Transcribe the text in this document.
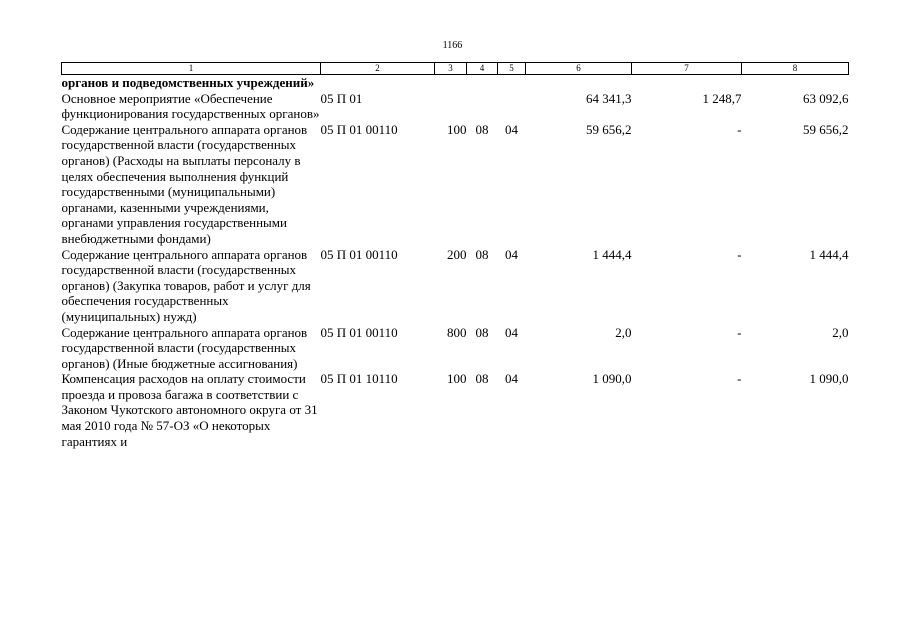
1166
1	2	3	4	5	6	7	8
органов и подведомственных учреждений»							
Основное мероприятие «Обеспечение функционирования государственных органов»	05 П 01				64 341,3	1 248,7	63 092,6
Содержание центрального аппарата органов государственной власти (государственных органов) (Расходы на выплаты персоналу в целях обеспечения выполнения функций государственными (муниципальными) органами, казенными учреждениями, органами управления государственными внебюджетными фондами)	05 П 01 00110	100	08	04	59 656,2	-	59 656,2
Содержание центрального аппарата органов государственной власти (государственных органов) (Закупка товаров, работ и услуг для обеспечения государственных (муниципальных) нужд)	05 П 01 00110	200	08	04	1 444,4	-	1 444,4
Содержание центрального аппарата органов государственной власти (государственных органов) (Иные бюджетные ассигнования)	05 П 01 00110	800	08	04	2,0	-	2,0
Компенсация расходов на оплату стоимости проезда и провоза багажа в соответствии с Законом Чукотского автономного округа от 31 мая 2010 года № 57-ОЗ «О некоторых гарантиях и	05 П 01 10110	100	08	04	1 090,0	-	1 090,0
